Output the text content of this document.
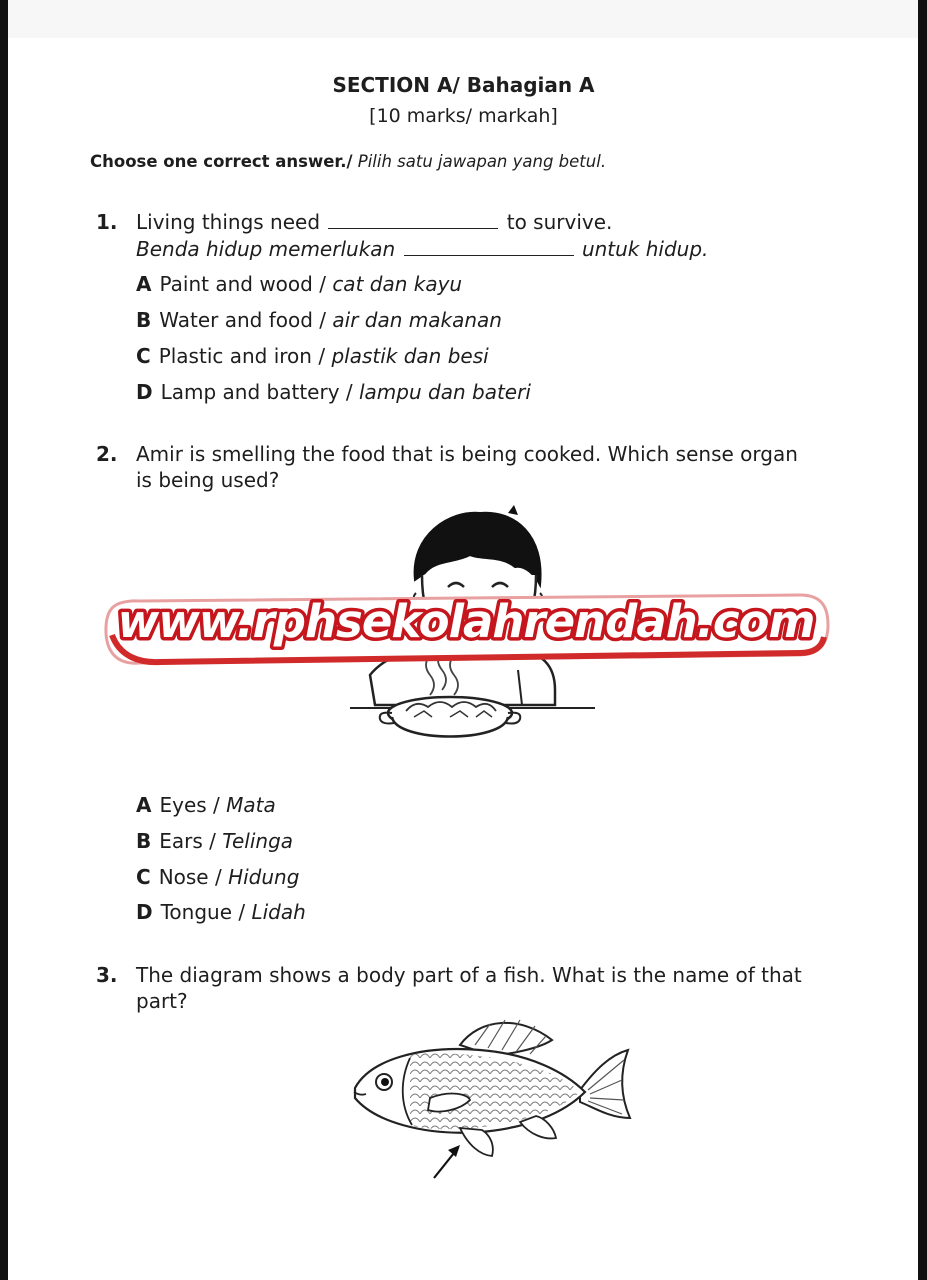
SECTION A/ Bahagian A
[10 marks/ markah]
Choose one correct answer./ Pilih satu jawapan yang betul.
1. Living things need	to survive.
Benda hidup memerlukan	untuk hidup.
A Paint and wood / cat dan kayu
B Water and food / air dan makanan
C Plastic and iron / plastik dan besi
D Lamp and battery / lampu dan bateri
2. Amir is smelling the food that is being cooked. Which sense organ
is being used?
www.rphsekolahrendah.com
A Eyes / Mata
B Ears / Telinga
C Nose / Hidung
D Tongue / Lidah
3. The diagram shows a body part of a fish. What is the name of that
part?
